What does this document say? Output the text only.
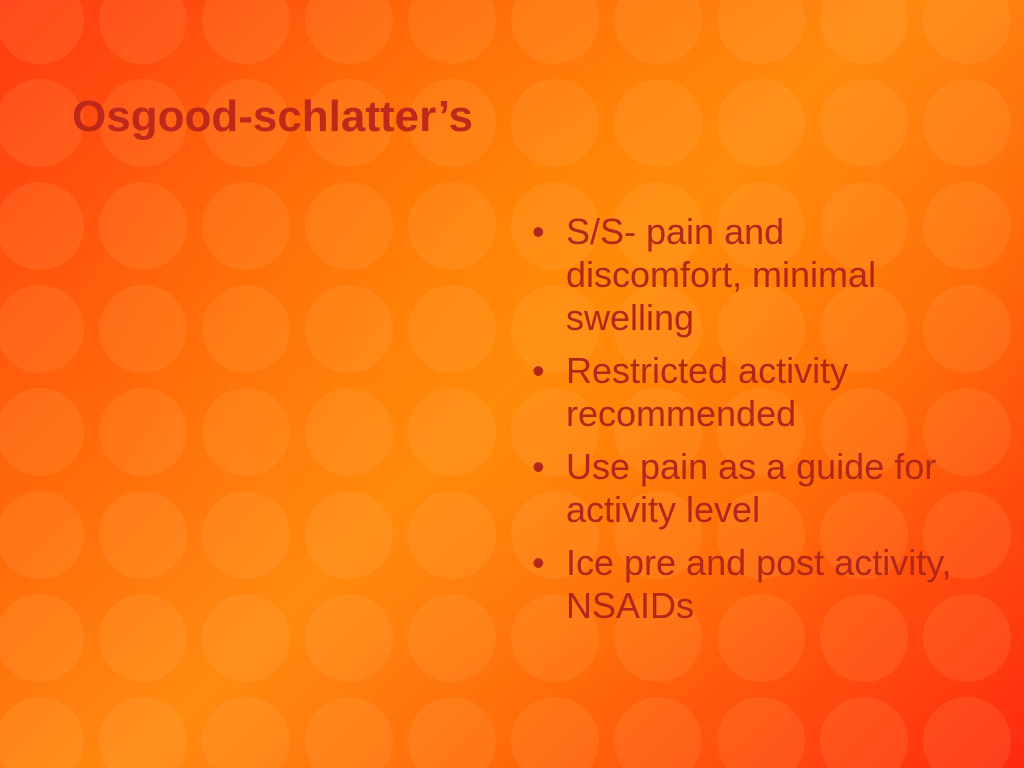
Osgood-schlatter’s
• S/S- pain and discomfort, minimal swelling
• Restricted activity recommended
• Use pain as a guide for activity level
• Ice pre and post activity, NSAIDs
